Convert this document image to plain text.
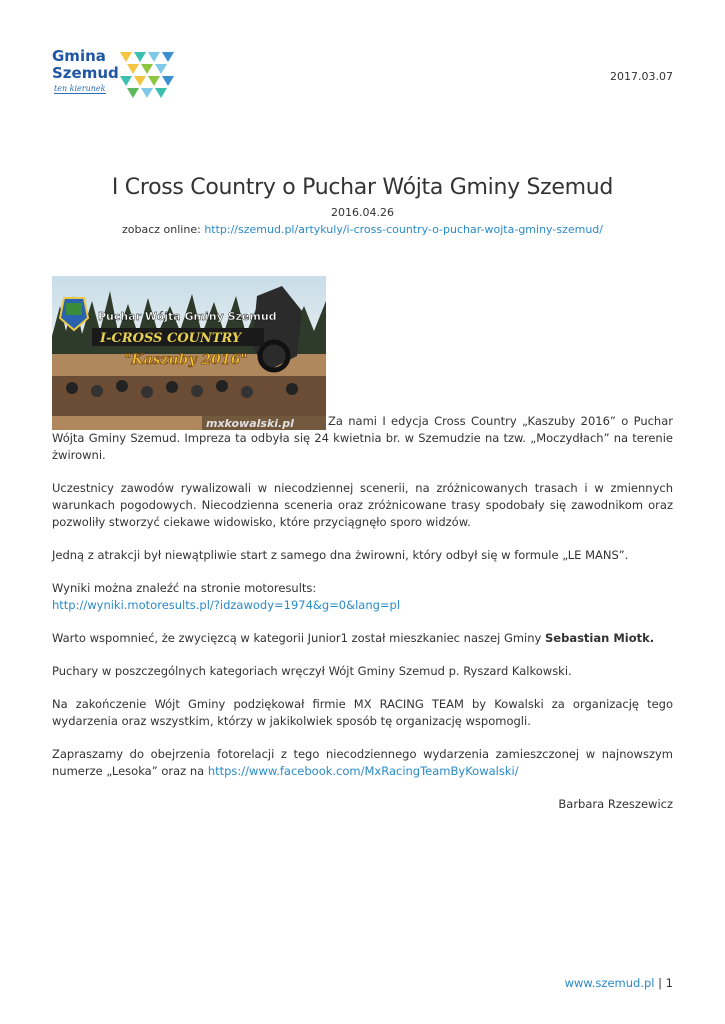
Gmina
Szemud
ten kierunek
2017.03.07
I Cross Country o Puchar Wójta Gminy Szemud
2016.04.26
zobacz online: http://szemud.pl/artykuly/i-cross-country-o-puchar-wojta-gminy-szemud/

Puchar Wójta Gminy Szemud
I-CROSS COUNTRY
"Kaszuby 2016"
mxkowalski.pl	Za nami I edycja Cross Country „Kaszuby 2016” o Puchar Wójta Gminy Szemud. Impreza ta odbyła się 24 kwietnia br. w Szemudzie na tzw. „Moczydłach” na terenie żwirowni.

Uczestnicy zawodów rywalizowali w niecodziennej scenerii, na zróżnicowanych trasach i w zmiennych warunkach pogodowych. Niecodzienna sceneria oraz zróżnicowane trasy spodobały się zawodnikom oraz pozwoliły stworzyć ciekawe widowisko, które przyciągnęło sporo widzów.

Jedną z atrakcji był niewątpliwie start z samego dna żwirowni, który odbył się w formule „LE MANS”.

Wyniki można znaleźć na stronie motoresults:
http://wyniki.motoresults.pl/?idzawody=1974&g=0&lang=pl

Warto wspomnieć, że zwycięzcą w kategorii Junior1 został mieszkaniec naszej Gminy Sebastian Miotk.

Puchary w poszczególnych kategoriach wręczył Wójt Gminy Szemud p. Ryszard Kalkowski.

Na zakończenie Wójt Gminy podziękował firmie MX RACING TEAM by Kowalski za organizację tego wydarzenia oraz wszystkim, którzy w jakikolwiek sposób tę organizację wspomogli.

Zapraszamy do obejrzenia fotorelacji z tego niecodziennego wydarzenia zamieszczonej w najnowszym numerze „Lesoka” oraz na https://www.facebook.com/MxRacingTeamByKowalski/

Barbara Rzeszewicz

www.szemud.pl | 1
